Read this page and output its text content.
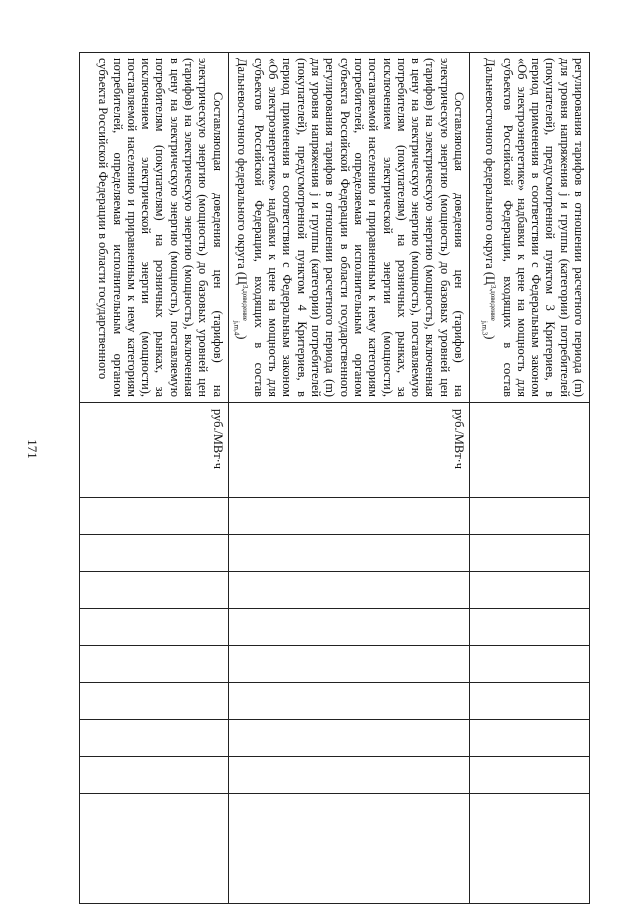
171
регулирования тарифов в отношении расчетного периода (m) для уровня напряжения j и группы (категории) потребителей (покупателей), предусмотренной пунктом 3 Критериев, в период применения в соответствии с Федеральным законом «Об электроэнергетике» надбавки к цене на мощность для субъектов Российской Федерации, входящих в состав Дальневосточного федерального округа $(Ц^{3,доведение}_{j,m,3})$										

Составляющая доведения цен (тарифов) на электрическую энергию (мощность) до базовых уровней цен (тарифов) на электрическую энергию (мощность), включенная в цену на электрическую энергию (мощность), поставляемую потребителям (покупателям) на розничных рынках, за исключением электрической энергии (мощности), поставляемой населению и приравненным к нему категориям потребителей, определяемая исполнительным органом субъекта Российской Федерации в области государственного регулирования тарифов в отношении расчетного периода (m) для уровня напряжения j и группы (категории) потребителей (покупателей), предусмотренной пунктом 4 Критериев, в период применения в соответствии с Федеральным законом «Об электроэнергетике» надбавки к цене на мощность для субъектов Российской Федерации, входящих в состав Дальневосточного федерального округа $(Ц^{3,доведение}_{j,m,4})$	руб./МВт·ч									

Составляющая доведения цен (тарифов) на электрическую энергию (мощность) до базовых уровней цен (тарифов) на электрическую энергию (мощность), включенная в цену на электрическую энергию (мощность), поставляемую потребителям (покупателям) на розничных рынках, за исключением электрической энергии (мощности), поставляемой населению и приравненным к нему категориям потребителей, определяемая исполнительным органом субъекта Российской Федерации в области государственного	руб./МВт·ч									
